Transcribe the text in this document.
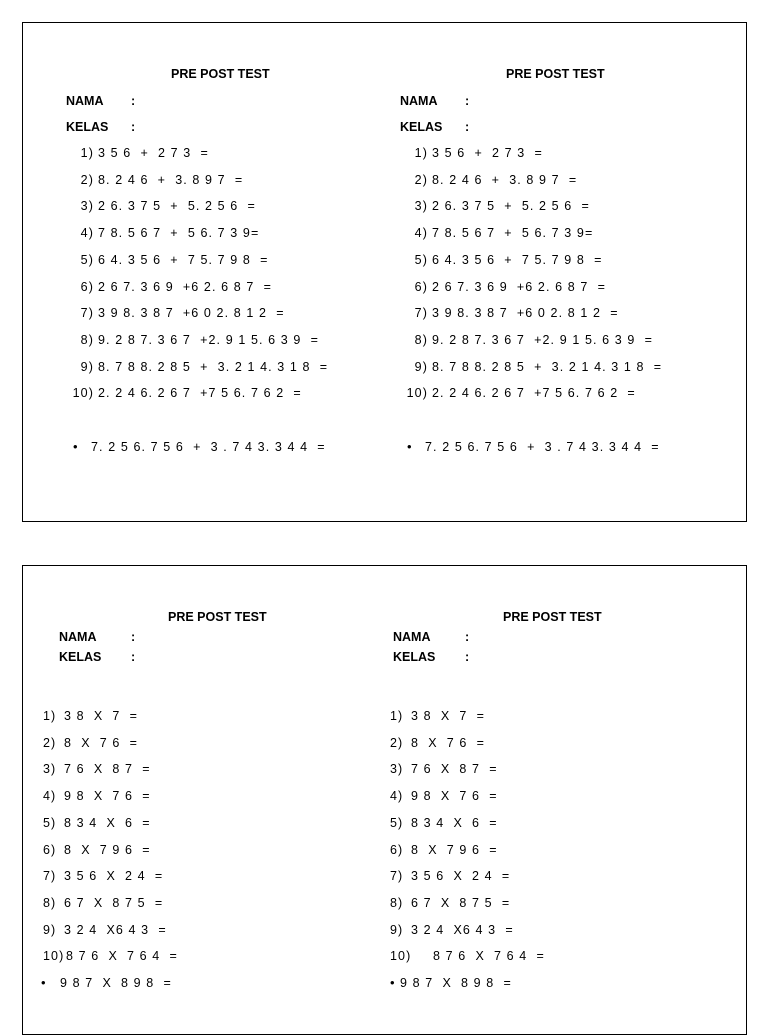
PRE POST TEST
NAMA :
KELAS :
1) 3 5 6  +  2 7 3  =
2) 8. 2 4 6  +  3. 8 9 7  =
3) 2 6. 3 7 5  +  5. 2 5 6  =
4) 7 8. 5 6 7  +  5 6. 7 3 9=
5) 6 4. 3 5 6  +  7 5. 7 9 8  =
6) 2 6 7. 3 6 9  +6 2. 6 8 7  =
7) 3 9 8. 3 8 7  +6 0 2. 8 1 2  =
8) 9. 2 8 7. 3 6 7  +2. 9 1 5. 6 3 9  =
9) 8. 7 8 8. 2 8 5  +  3. 2 1 4. 3 1 8  =
10) 2. 2 4 6. 2 6 7  +7 5 6. 7 6 2  =
• 7. 2 5 6. 7 5 6  +  3 . 7 4 3. 3 4 4  =
PRE POST TEST
NAMA :
KELAS :
1) 3 5 6  +  2 7 3  =
2) 8. 2 4 6  +  3. 8 9 7  =
3) 2 6. 3 7 5  +  5. 2 5 6  =
4) 7 8. 5 6 7  +  5 6. 7 3 9=
5) 6 4. 3 5 6  +  7 5. 7 9 8  =
6) 2 6 7. 3 6 9  +6 2. 6 8 7  =
7) 3 9 8. 3 8 7  +6 0 2. 8 1 2  =
8) 9. 2 8 7. 3 6 7  +2. 9 1 5. 6 3 9  =
9) 8. 7 8 8. 2 8 5  +  3. 2 1 4. 3 1 8  =
10) 2. 2 4 6. 2 6 7  +7 5 6. 7 6 2  =
• 7. 2 5 6. 7 5 6  +  3 . 7 4 3. 3 4 4  =
PRE POST TEST
NAMA	:
KELAS :
1) 3 8  X  7  =
2) 8  X  7 6  =
3) 7 6  X  8 7  =
4) 9 8  X  7 6  =
5) 8 3 4  X  6  =
6) 8  X  7 9 6  =
7) 3 5 6  X  2 4  =
8) 6 7  X  8 7 5  =
9) 3 2 4  X6 4 3  =
10) 8 7 6  X  7 6 4  =
• 9 8 7  X  8 9 8  =
PRE POST TEST
NAMA	:
KELAS :
1) 3 8  X  7  =
2) 8  X  7 6  =
3) 7 6  X  8 7  =
4) 9 8  X  7 6  =
5) 8 3 4  X  6  =
6) 8  X  7 9 6  =
7) 3 5 6  X  2 4  =
8) 6 7  X  8 7 5  =
9) 3 2 4  X6 4 3  =
10) 8 7 6  X  7 6 4  =
• 9 8 7  X  8 9 8  =
